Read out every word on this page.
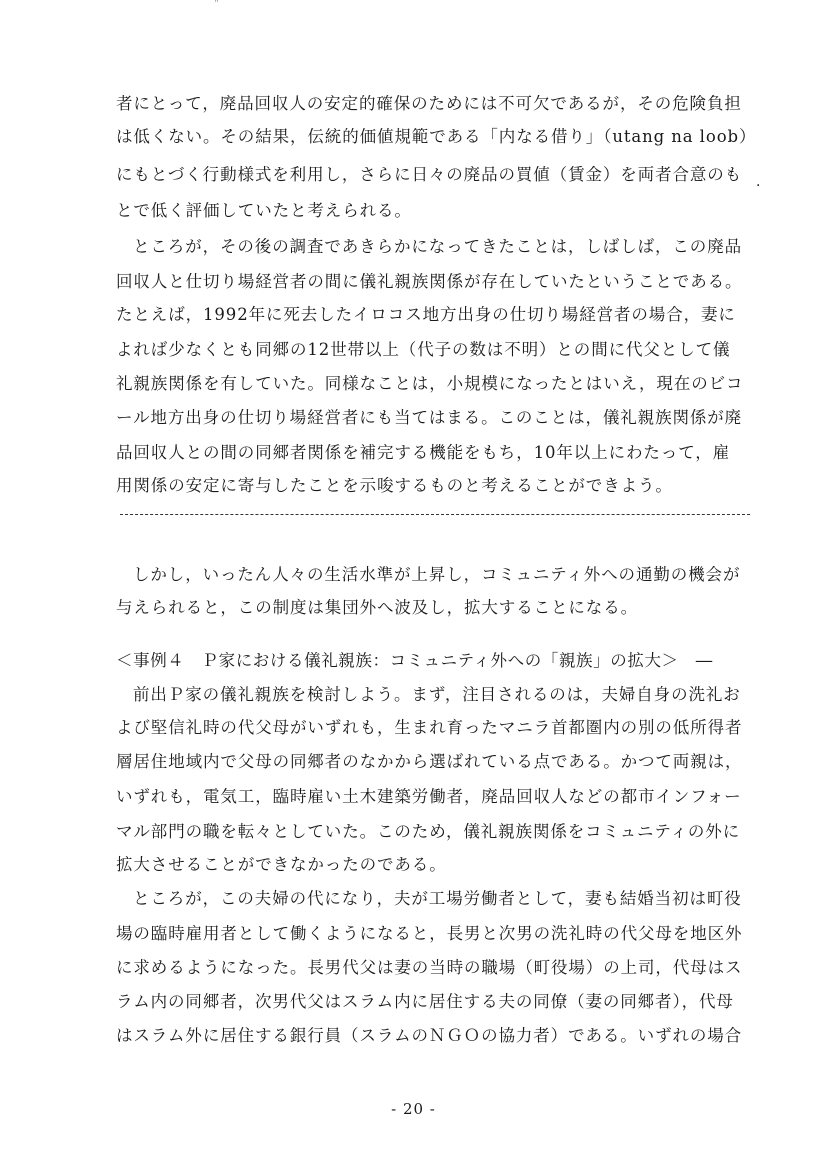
¨
者にとって，廃品回収人の安定的確保のためには不可欠であるが，その危険負担
は低くない。その結果，伝統的価値規範である「内なる借り」（utang na loob）
にもとづく行動様式を利用し，さらに日々の廃品の買値（賃金）を両者合意のも
とで低く評価していたと考えられる。
·
ところが，その後の調査であきらかになってきたことは，しばしば，この廃品
回収人と仕切り場経営者の間に儀礼親族関係が存在していたということである。
たとえば，1992年に死去したイロコス地方出身の仕切り場経営者の場合，妻に
よれば少なくとも同郷の12世帯以上（代子の数は不明）との間に代父として儀
礼親族関係を有していた。同様なことは，小規模になったとはいえ，現在のビコ
ール地方出身の仕切り場経営者にも当てはまる。このことは，儀礼親族関係が廃
品回収人との間の同郷者関係を補完する機能をもち，10年以上にわたって，雇
用関係の安定に寄与したことを示唆するものと考えることができよう。
しかし，いったん人々の生活水準が上昇し，コミュニティ外への通勤の機会が
与えられると，この制度は集団外へ波及し，拡大することになる。
＜事例４　Ｐ家における儀礼親族：コミュニティ外への「親族」の拡大＞　―
前出Ｐ家の儀礼親族を検討しよう。まず，注目されるのは，夫婦自身の洗礼お
よび堅信礼時の代父母がいずれも，生まれ育ったマニラ首都圏内の別の低所得者
層居住地域内で父母の同郷者のなかから選ばれている点である。かつて両親は，
いずれも，電気工，臨時雇い土木建築労働者，廃品回収人などの都市インフォー
マル部門の職を転々としていた。このため，儀礼親族関係をコミュニティの外に
拡大させることができなかったのである。
ところが，この夫婦の代になり，夫が工場労働者として，妻も結婚当初は町役
場の臨時雇用者として働くようになると，長男と次男の洗礼時の代父母を地区外
に求めるようになった。長男代父は妻の当時の職場（町役場）の上司，代母はス
ラム内の同郷者，次男代父はスラム内に居住する夫の同僚（妻の同郷者），代母
はスラム外に居住する銀行員（スラムのＮＧＯの協力者）である。いずれの場合
- 20 -
